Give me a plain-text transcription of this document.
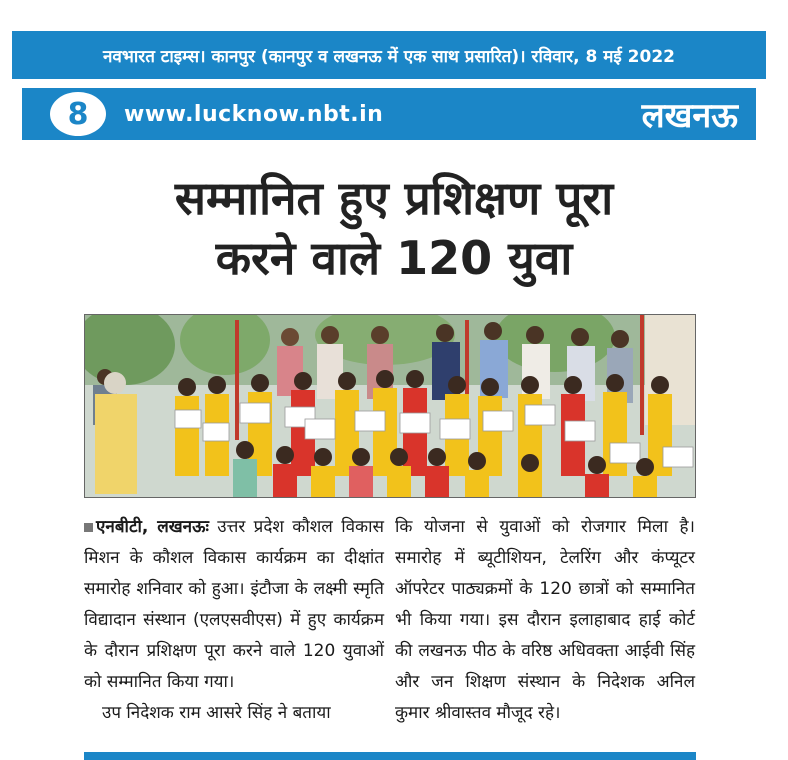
नवभारत टाइम्स। कानपुर (कानपुर व लखनऊ में एक साथ प्रसारित)। रविवार, 8 मई 2022
8	www.lucknow.nbt.in	लखनऊ
सम्मानित हुए प्रशिक्षण पूरा
करने वाले 120 युवा
एनबीटी, लखनऊः उत्तर प्रदेश कौशल विकास मिशन के कौशल विकास कार्यक्रम का दीक्षांत समारोह शनिवार को हुआ। इंटौजा के लक्ष्मी स्मृति विद्यादान संस्थान (एलएसवीएस) में हुए कार्यक्रम के दौरान प्रशिक्षण पूरा करने वाले 120 युवाओं को सम्मानित किया गया।
उप निदेशक राम आसरे सिंह ने बताया
कि योजना से युवाओं को रोजगार मिला है। समारोह में ब्यूटीशियन, टेलरिंग और कंप्यूटर ऑपरेटर पाठ्यक्रमों के 120 छात्रों को सम्मानित भी किया गया। इस दौरान इलाहाबाद हाई कोर्ट की लखनऊ पीठ के वरिष्ठ अधिवक्ता आईवी सिंह और जन शिक्षण संस्थान के निदेशक अनिल कुमार श्रीवास्तव मौजूद रहे।
